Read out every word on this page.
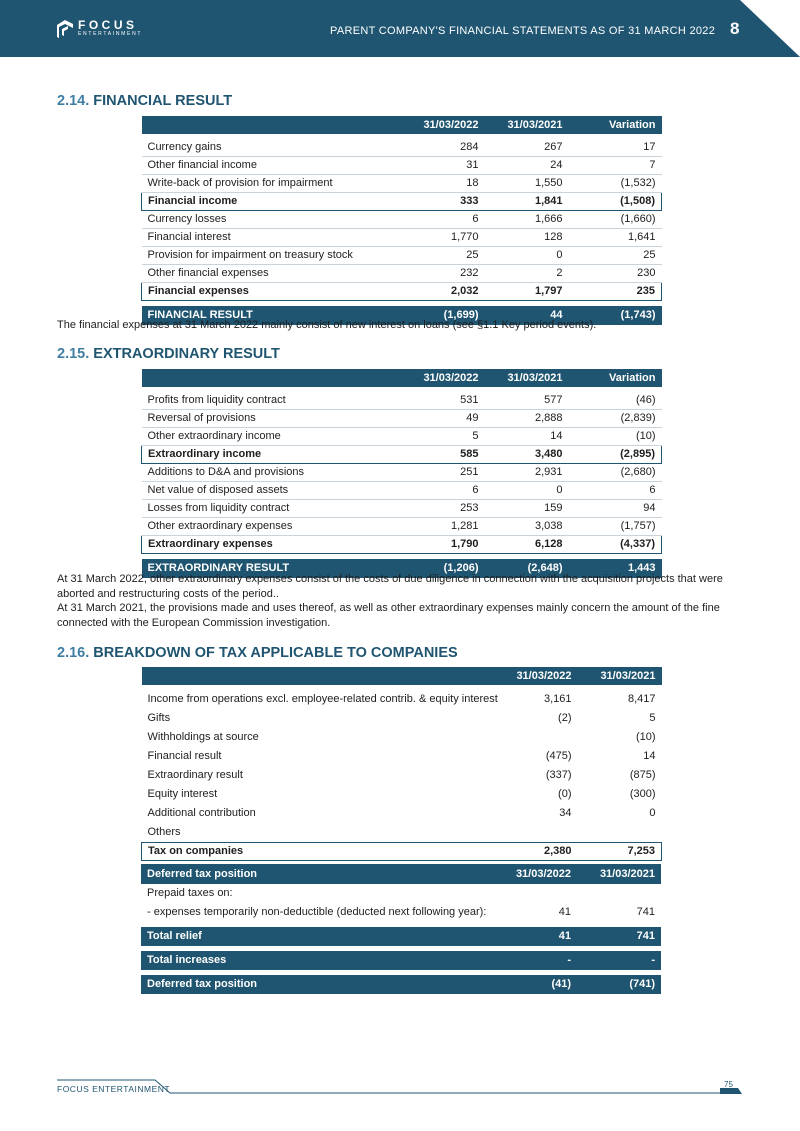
FOCUS
ENTERTAINMENT	PARENT COMPANY'S FINANCIAL STATEMENTS AS OF 31 MARCH 2022 8
2.14. FINANCIAL RESULT
	31/03/2022	31/03/2021	Variation

Currency gains	284	267	17
Other financial income	31	24	7
Write-back of provision for impairment	18	1,550	(1,532)
Financial income	333	1,841	(1,508)
Currency losses	6	1,666	(1,660)
Financial interest	1,770	128	1,641
Provision for impairment on treasury stock	25	0	25
Other financial expenses	232	2	230
Financial expenses	2,032	1,797	235

FINANCIAL RESULT	(1,699)	44	(1,743)
The financial expenses at 31 March 2022 mainly consist of new interest on loans (see §1.1 Key period events).
2.15. EXTRAORDINARY RESULT
	31/03/2022	31/03/2021	Variation

Profits from liquidity contract	531	577	(46)
Reversal of provisions	49	2,888	(2,839)
Other extraordinary income	5	14	(10)
Extraordinary income	585	3,480	(2,895)
Additions to D&A and provisions	251	2,931	(2,680)
Net value of disposed assets	6	0	6
Losses from liquidity contract	253	159	94
Other extraordinary expenses	1,281	3,038	(1,757)
Extraordinary expenses	1,790	6,128	(4,337)

EXTRAORDINARY RESULT	(1,206)	(2,648)	1,443
At 31 March 2022, other extraordinary expenses consist of the costs of due diligence in connection with the acquisition projects that were aborted and restructuring costs of the period..
At 31 March 2021, the provisions made and uses thereof, as well as other extraordinary expenses mainly concern the amount of the fine connected with the European Commission investigation.
2.16. BREAKDOWN OF TAX APPLICABLE TO COMPANIES
	31/03/2022	31/03/2021

Income from operations excl. employee-related contrib. & equity interest	3,161	8,417
Gifts	(2)	5
Withholdings at source		(10)
Financial result	(475)	14
Extraordinary result	(337)	(875)
Equity interest	(0)	(300)
Additional contribution	34	0
Others		
Tax on companies	2,380	7,253
Deferred tax position	31/03/2022	31/03/2021
Prepaid taxes on:		
- expenses temporarily non-deductible (deducted next following year):	41	741

Total relief	41	741

Total increases	-	-

Deferred tax position	(41)	(741)
FOCUS ENTERTAINMENT	75
